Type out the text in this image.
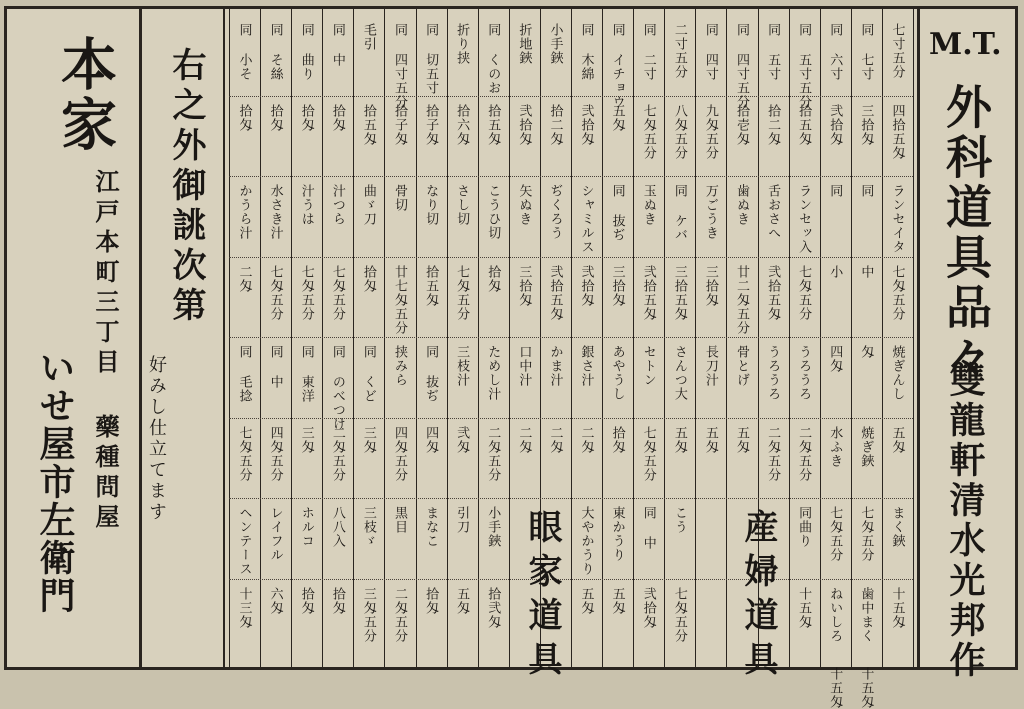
M.T.
外科道具品々
雙龍軒清水光邦作
七寸五分
四拾五匁
ランセイタ
七匁五分
焼ぎんし
五匁
まく鋏
十五匁
同 七寸
三拾匁
同
中
匁
焼ぎ鋏
七匁五分
歯中まく
十五匁
同 六寸
弐拾匁
同
小
四匁
水ふき
七匁五分
ねいしろ
十五匁
同 五寸五分
拾五匁
ランセッ入
七匁五分
うろうろ
二匁五分
同曲り
十五匁
同 五寸
拾二匁
舌おさへ
弐拾五匁
うろうろ
二匁五分
同 四寸五分
拾壱匁
歯ぬき
廿二匁五分
骨とげ
五匁
同 四寸
九匁五分
万ごうき
三拾匁
長刀汁
五匁
二寸五分
八匁五分
同 ケバ
三拾五匁
さんつ大
五匁
こう
七匁五分
同 二寸
七匁五分
玉ぬき
弐拾五匁
セトン
七匁五分
同 中
弐拾匁
同 イチョウ
五匁
同 抜ぢ
三拾匁
あやうし
拾匁
東かうり
五匁
同 木綿
弐拾匁
シャミルス
弐拾匁
銀さ汁
二匁
大やかうり
五匁
小手鋏
拾二匁
ぢくろう
弐拾五匁
かま汁
二匁
折地鋏
弐拾匁
矢ぬき
三拾匁
口中汁
二匁
同 くのお
拾五匁
こうひ切
拾匁
ためし汁
二匁五分
小手鋏
拾弐匁
折り挟
拾六匁
さし切
七匁五分
三枝汁
弐匁
引刀
五匁
同 切五寸
拾子匁
なり切
拾五匁
同 抜ぢ
四匁
まなこ
拾匁
同 四寸五分
拾子匁
骨切
廿七匁五分
挟みら
四匁五分
黒目
二匁五分
毛引
拾五匁
曲ゞ刀
拾匁
同 くど
三匁
三枝ゞ
三匁五分
同 中
拾匁
汁つら
七匁五分
同 のべつけ
二匁五分
八八入
拾匁
同 曲り
拾匁
汁うは
七匁五分
同 東洋
三匁
ホルコ
拾匁
同 そ絲
拾匁
水さき汁
七匁五分
同 中
四匁五分
レイフル
六匁
同 小そ
拾匁
かうら汁
二匁
同 毛捻
七匁五分
ヘンテース
十三匁	産婦道具
眼家道具
右之外御誂次第
好みし仕立てます
本家
江戸本町三丁目 藥種問屋
いせ屋市左衛門
